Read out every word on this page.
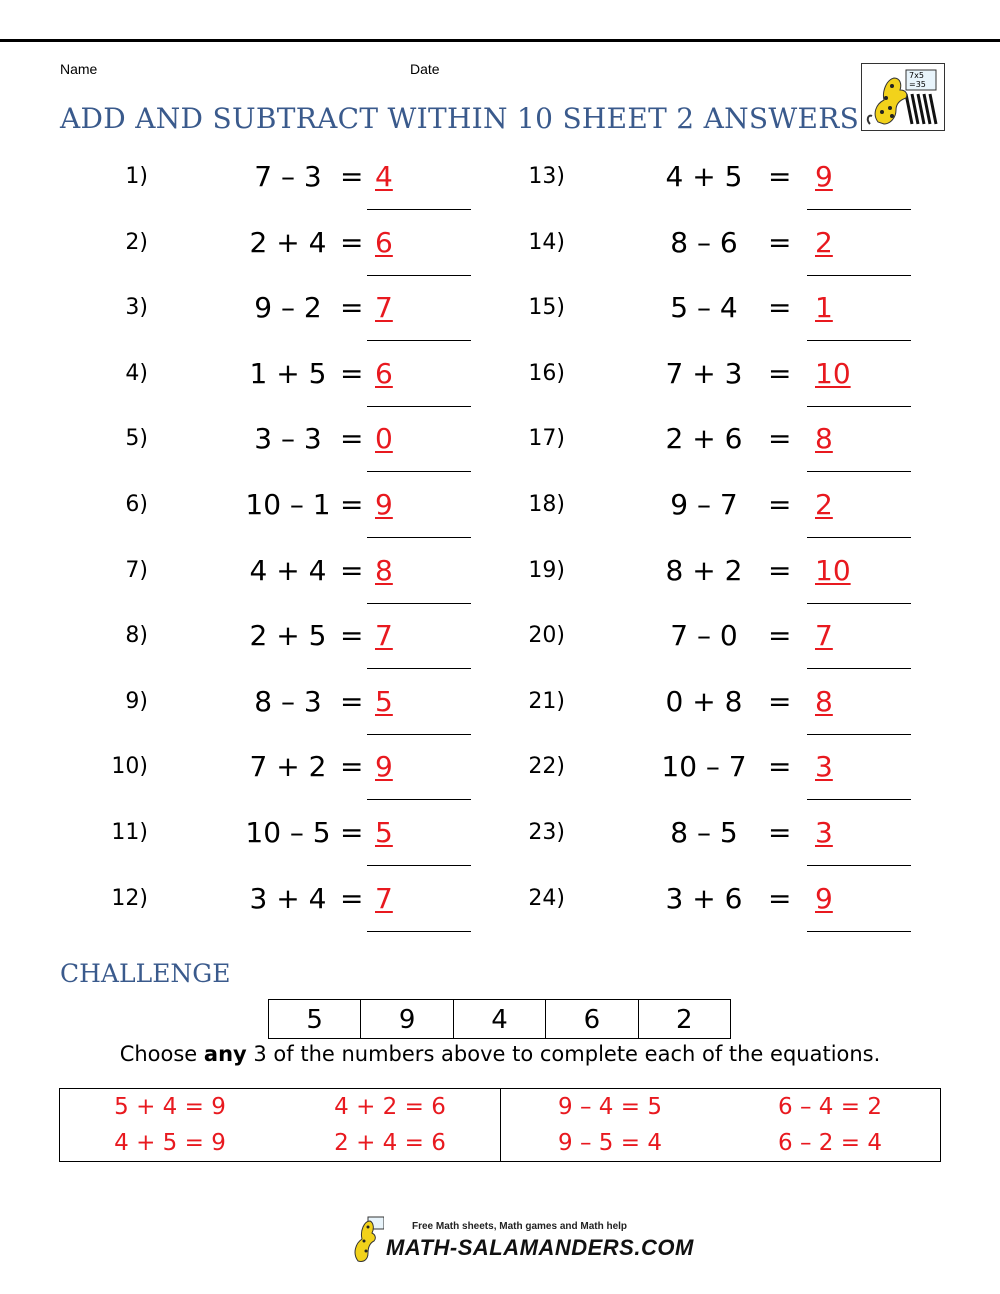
Name	Date
ADD AND SUBTRACT WITHIN 10 SHEET 2 ANSWERS
7x5
=35
1)	7 – 3 = 4
2)	2 + 4 = 6
3)	9 – 2 = 7
4)	1 + 5 = 6
5)	3 – 3 = 0
6)	10 – 1 = 9
7)	4 + 4 = 8
8)	2 + 5 = 7
9)	8 – 3 = 5
10)	7 + 2 = 9
11)	10 – 5 = 5
12)	3 + 4 = 7
13)	4 + 5 = 9
14)	8 – 6	= 2
15)	5 – 4	= 1
16)	7 + 3 = 10
17)	2 + 6 = 8
18)	9 – 7	= 2
19)	8 + 2 = 10
20)	7 – 0	= 7
21)	0 + 8 = 8
22)	10 – 7 = 3
23)	8 – 5	= 3
24)	3 + 6 = 9
CHALLENGE
5	9	4	6	2
Choose any 3 of the numbers above to complete each of the equations.
5 + 4 = 9	4 + 2 = 6	9 – 4 = 5	6 – 4 = 2
4 + 5 = 9	2 + 4 = 6	9 – 5 = 4	6 – 2 = 4
Free Math sheets, Math games and Math help
MATH-SALAMANDERS.COM
